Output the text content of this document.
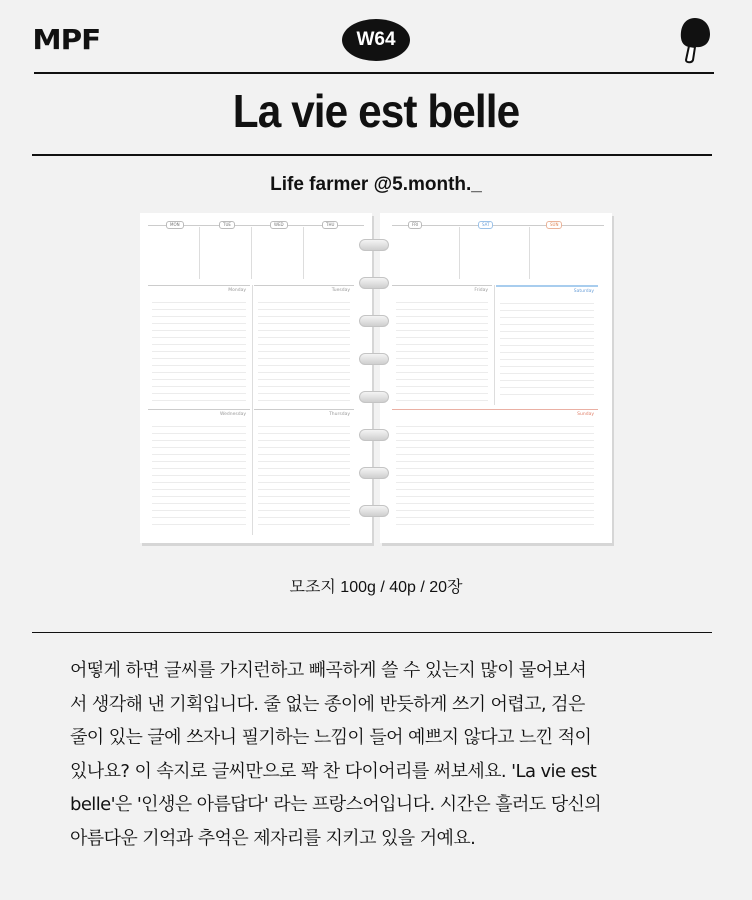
MPF	W64
La vie est belle
Life farmer @5.month._
MON	TUE	WED	THU
Monday	Tuesday
Wednesday	Thursday
FRI	SAT	SUN
Friday	Saturday
Sunday
모조지 100g / 40p / 20장
어떻게 하면 글씨를 가지런하고 빼곡하게 쓸 수 있는지 많이 물어보셔
서 생각해 낸 기획입니다. 줄 없는 종이에 반듯하게 쓰기 어렵고, 검은
줄이 있는 글에 쓰자니 필기하는 느낌이 들어 예쁘지 않다고 느낀 적이
있나요? 이 속지로 글씨만으로 꽉 찬 다이어리를 써보세요. 'La vie est
belle'은 '인생은 아름답다' 라는 프랑스어입니다. 시간은 흘러도 당신의
아름다운 기억과 추억은 제자리를 지키고 있을 거예요.
